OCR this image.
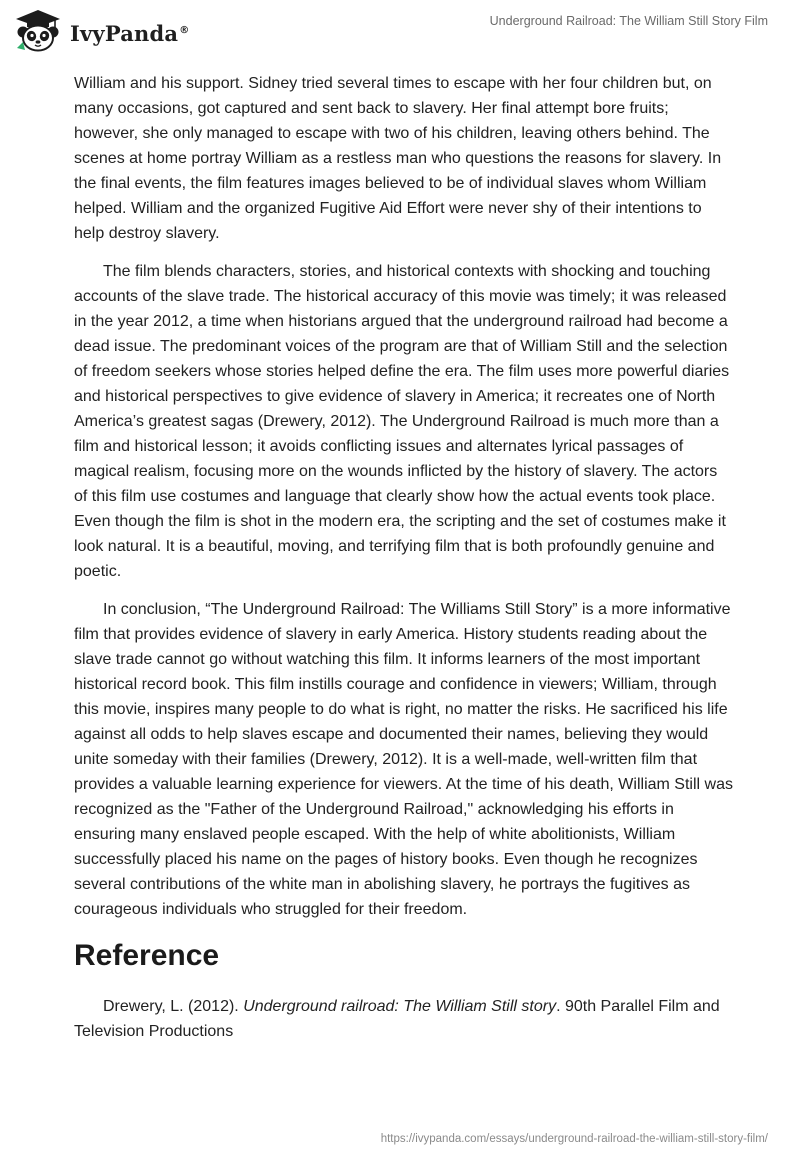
IvyPanda®
Underground Railroad: The William Still Story Film

William and his support. Sidney tried several times to escape with her four children but, on many occasions, got captured and sent back to slavery. Her final attempt bore fruits; however, she only managed to escape with two of his children, leaving others behind. The scenes at home portray William as a restless man who questions the reasons for slavery. In the final events, the film features images believed to be of individual slaves whom William helped. William and the organized Fugitive Aid Effort were never shy of their intentions to help destroy slavery.

The film blends characters, stories, and historical contexts with shocking and touching accounts of the slave trade. The historical accuracy of this movie was timely; it was released in the year 2012, a time when historians argued that the underground railroad had become a dead issue. The predominant voices of the program are that of William Still and the selection of freedom seekers whose stories helped define the era. The film uses more powerful diaries and historical perspectives to give evidence of slavery in America; it recreates one of North America’s greatest sagas (Drewery, 2012). The Underground Railroad is much more than a film and historical lesson; it avoids conflicting issues and alternates lyrical passages of magical realism, focusing more on the wounds inflicted by the history of slavery. The actors of this film use costumes and language that clearly show how the actual events took place. Even though the film is shot in the modern era, the scripting and the set of costumes make it look natural. It is a beautiful, moving, and terrifying film that is both profoundly genuine and poetic.

In conclusion, “The Underground Railroad: The Williams Still Story” is a more informative film that provides evidence of slavery in early America. History students reading about the slave trade cannot go without watching this film. It informs learners of the most important historical record book. This film instills courage and confidence in viewers; William, through this movie, inspires many people to do what is right, no matter the risks. He sacrificed his life against all odds to help slaves escape and documented their names, believing they would unite someday with their families (Drewery, 2012). It is a well-made, well-written film that provides a valuable learning experience for viewers. At the time of his death, William Still was recognized as the "Father of the Underground Railroad," acknowledging his efforts in ensuring many enslaved people escaped. With the help of white abolitionists, William successfully placed his name on the pages of history books. Even though he recognizes several contributions of the white man in abolishing slavery, he portrays the fugitives as courageous individuals who struggled for their freedom.

Reference

Drewery, L. (2012). Underground railroad: The William Still story. 90th Parallel Film and Television Productions

https://ivypanda.com/essays/underground-railroad-the-william-still-story-film/
